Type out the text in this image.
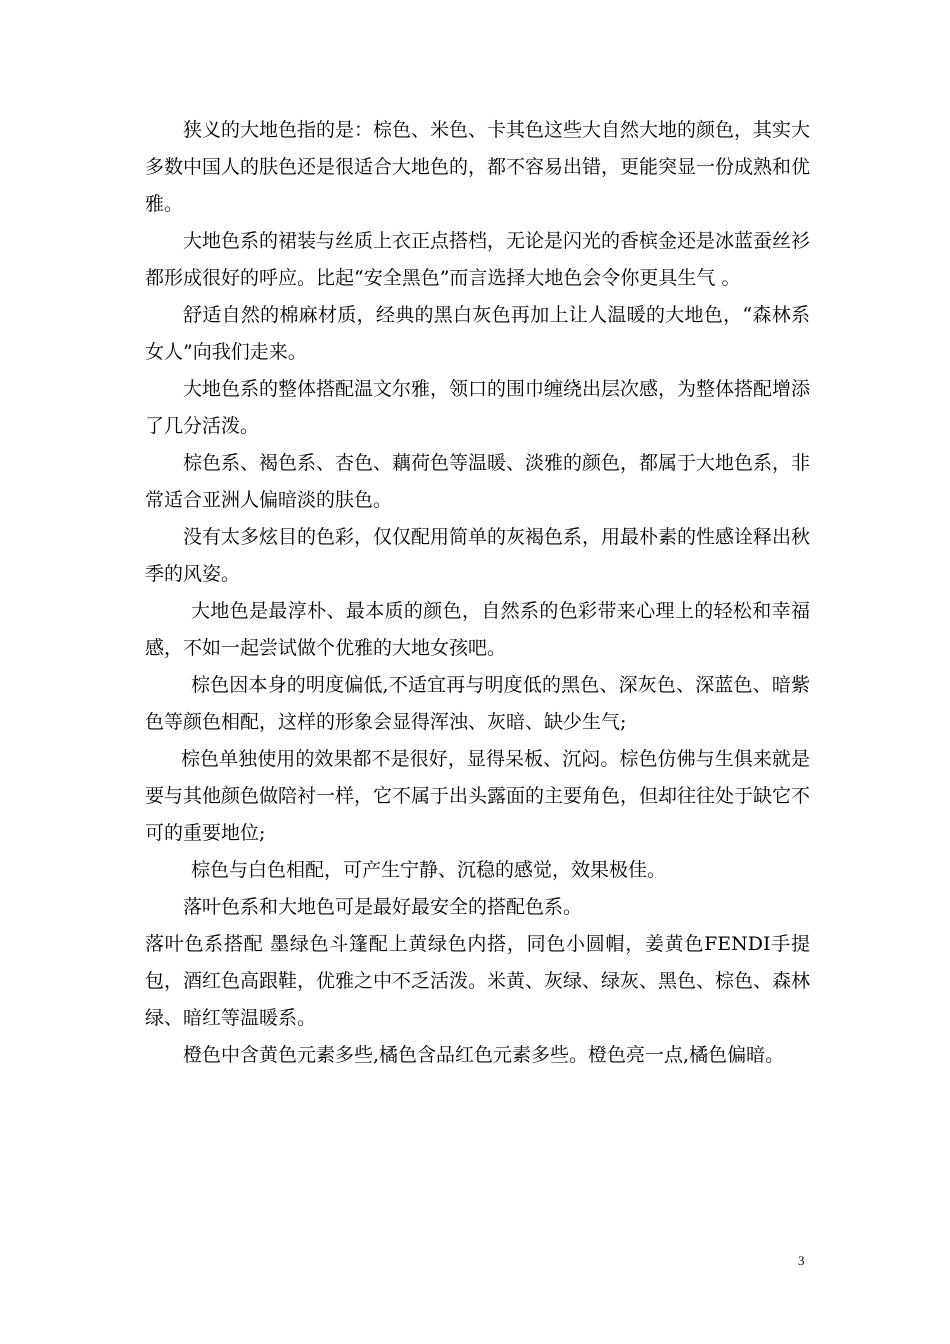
狭义的大地色指的是：棕色、米色、卡其色这些大自然大地的颜色，其实大多数中国人的肤色还是很适合大地色的，都不容易出错，更能突显一份成熟和优雅。

大地色系的裙装与丝质上衣正点搭档，无论是闪光的香槟金还是冰蓝蚕丝衫都形成很好的呼应。比起“安全黑色”而言选择大地色会令你更具生气 。

舒适自然的棉麻材质，经典的黑白灰色再加上让人温暖的大地色，“森林系女人”向我们走来。

大地色系的整体搭配温文尔雅，领口的围巾缠绕出层次感，为整体搭配增添了几分活泼。

棕色系、褐色系、杏色、藕荷色等温暖、淡雅的颜色，都属于大地色系，非常适合亚洲人偏暗淡的肤色。

没有太多炫目的色彩，仅仅配用简单的灰褐色系，用最朴素的性感诠释出秋季的风姿。

大地色是最淳朴、最本质的颜色，自然系的色彩带来心理上的轻松和幸福感，不如一起尝试做个优雅的大地女孩吧。

棕色因本身的明度偏低,不适宜再与明度低的黑色、深灰色、深蓝色、暗紫色等颜色相配，这样的形象会显得浑浊、灰暗、缺少生气;

棕色单独使用的效果都不是很好，显得呆板、沉闷。棕色仿佛与生俱来就是要与其他颜色做陪衬一样，它不属于出头露面的主要角色，但却往往处于缺它不可的重要地位;

棕色与白色相配，可产生宁静、沉稳的感觉，效果极佳。

落叶色系和大地色可是最好最安全的搭配色系。

落叶色系搭配 墨绿色斗篷配上黄绿色内搭，同色小圆帽，姜黄色FENDI手提包，酒红色高跟鞋，优雅之中不乏活泼。米黄、灰绿、绿灰、黑色、棕色、森林绿、暗红等温暖系。

橙色中含黄色元素多些,橘色含品红色元素多些。橙色亮一点,橘色偏暗。

3
